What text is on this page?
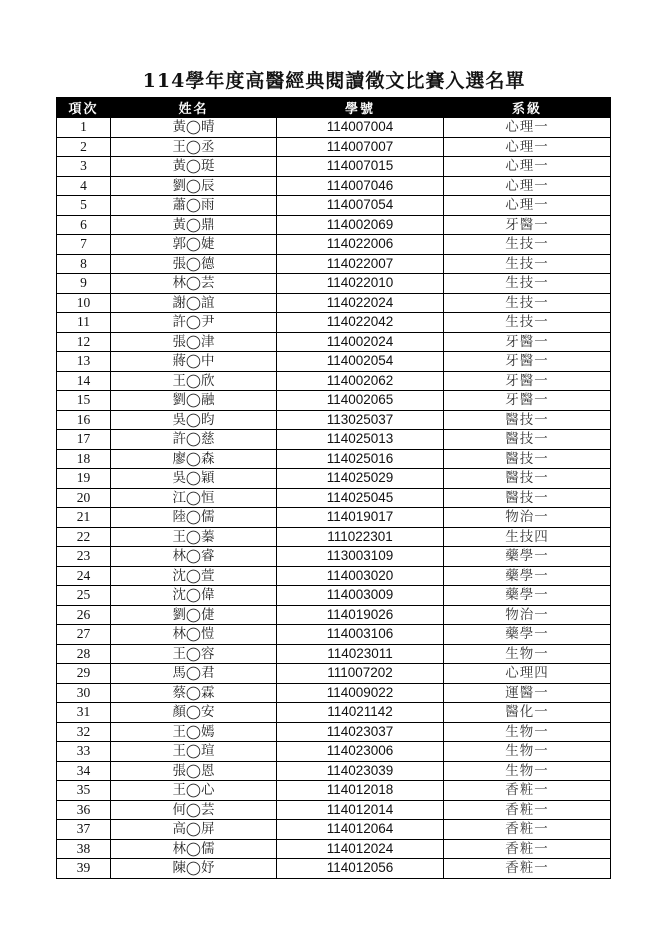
114學年度高醫經典閱讀徵文比賽入選名單
項次	姓名	學號	系級
1	黃◯晴	114007004	心理一
2	王◯丞	114007007	心理一
3	黃◯珽	114007015	心理一
4	劉◯辰	114007046	心理一
5	蕭◯雨	114007054	心理一
6	黃◯鼎	114002069	牙醫一
7	郭◯婕	114022006	生技一
8	張◯德	114022007	生技一
9	林◯芸	114022010	生技一
10	謝◯誼	114022024	生技一
11	許◯尹	114022042	生技一
12	張◯津	114002024	牙醫一
13	蔣◯中	114002054	牙醫一
14	王◯欣	114002062	牙醫一
15	劉◯融	114002065	牙醫一
16	吳◯昀	113025037	醫技一
17	許◯慈	114025013	醫技一
18	廖◯森	114025016	醫技一
19	吳◯穎	114025029	醫技一
20	江◯恒	114025045	醫技一
21	陸◯儒	114019017	物治一
22	王◯蓁	111022301	生技四
23	林◯睿	113003109	藥學一
24	沈◯萱	114003020	藥學一
25	沈◯偉	114003009	藥學一
26	劉◯倢	114019026	物治一
27	林◯愷	114003106	藥學一
28	王◯容	114023011	生物一
29	馬◯君	111007202	心理四
30	蔡◯霖	114009022	運醫一
31	顏◯安	114021142	醫化一
32	王◯嫣	114023037	生物一
33	王◯瑄	114023006	生物一
34	張◯恩	114023039	生物一
35	王◯心	114012018	香粧一
36	何◯芸	114012014	香粧一
37	高◯屏	114012064	香粧一
38	林◯儒	114012024	香粧一
39	陳◯妤	114012056	香粧一
